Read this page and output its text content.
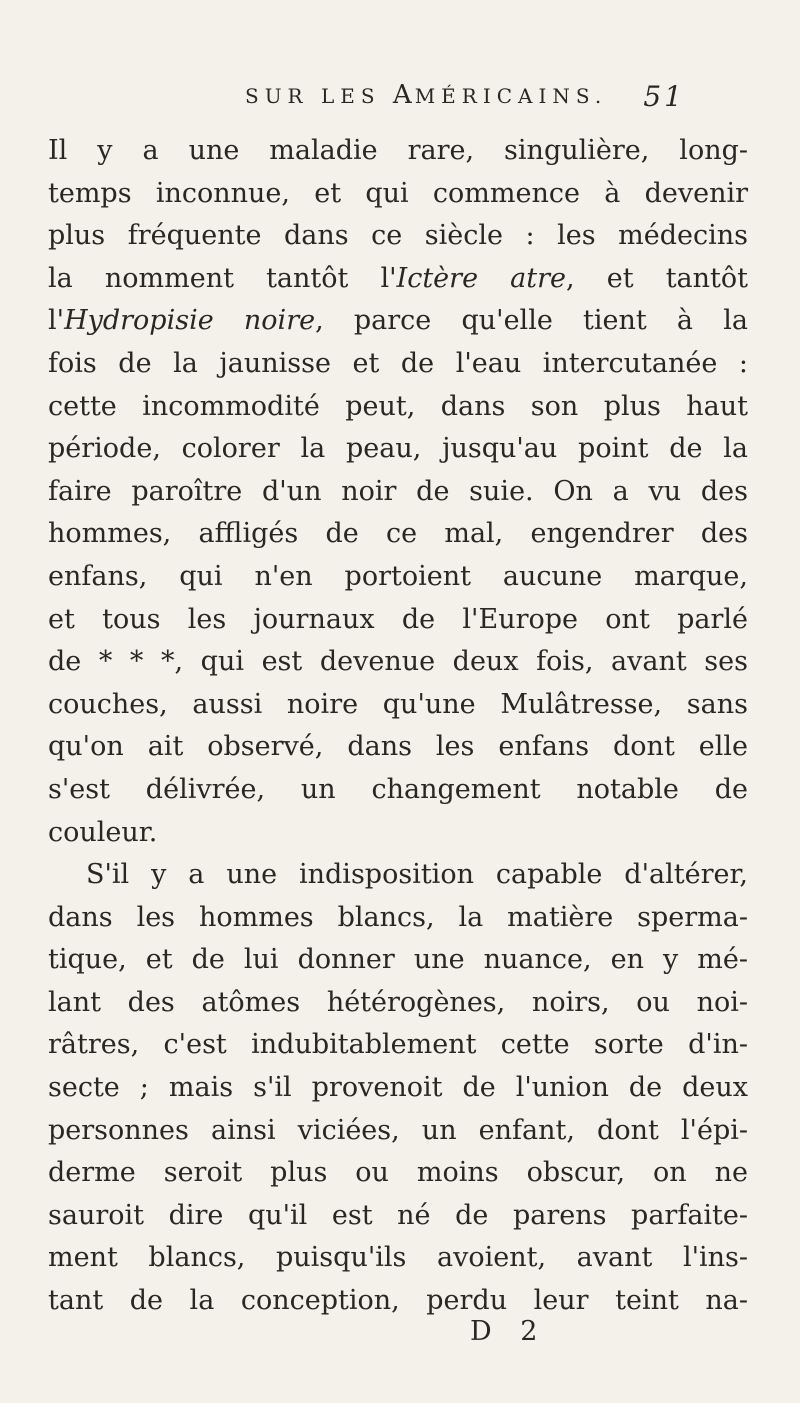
SUR LES AMÉRICAINS. 51
Il y a une maladie rare, singulière, long-
temps inconnue, et qui commence à devenir
plus fréquente dans ce siècle : les médecins
la nomment tantôt l'Ictère atre, et tantôt
l'Hydropisie noire, parce qu'elle tient à la
fois de la jaunisse et de l'eau intercutanée :
cette incommodité peut, dans son plus haut
période, colorer la peau, jusqu'au point de la
faire paroître d'un noir de suie. On a vu des
hommes, affligés de ce mal, engendrer des
enfans, qui n'en portoient aucune marque,
et tous les journaux de l'Europe ont parlé
de * * *, qui est devenue deux fois, avant ses
couches, aussi noire qu'une Mulâtresse, sans
qu'on ait observé, dans les enfans dont elle
s'est délivrée, un changement notable de
couleur.
S'il y a une indisposition capable d'altérer,
dans les hommes blancs, la matière sperma-
tique, et de lui donner une nuance, en y mé-
lant des atômes hétérogènes, noirs, ou noi-
râtres, c'est indubitablement cette sorte d'in-
secte ; mais s'il provenoit de l'union de deux
personnes ainsi viciées, un enfant, dont l'épi-
derme seroit plus ou moins obscur, on ne
sauroit dire qu'il est né de parens parfaite-
ment blancs, puisqu'ils avoient, avant l'ins-
tant de la conception, perdu leur teint na-
D 2
